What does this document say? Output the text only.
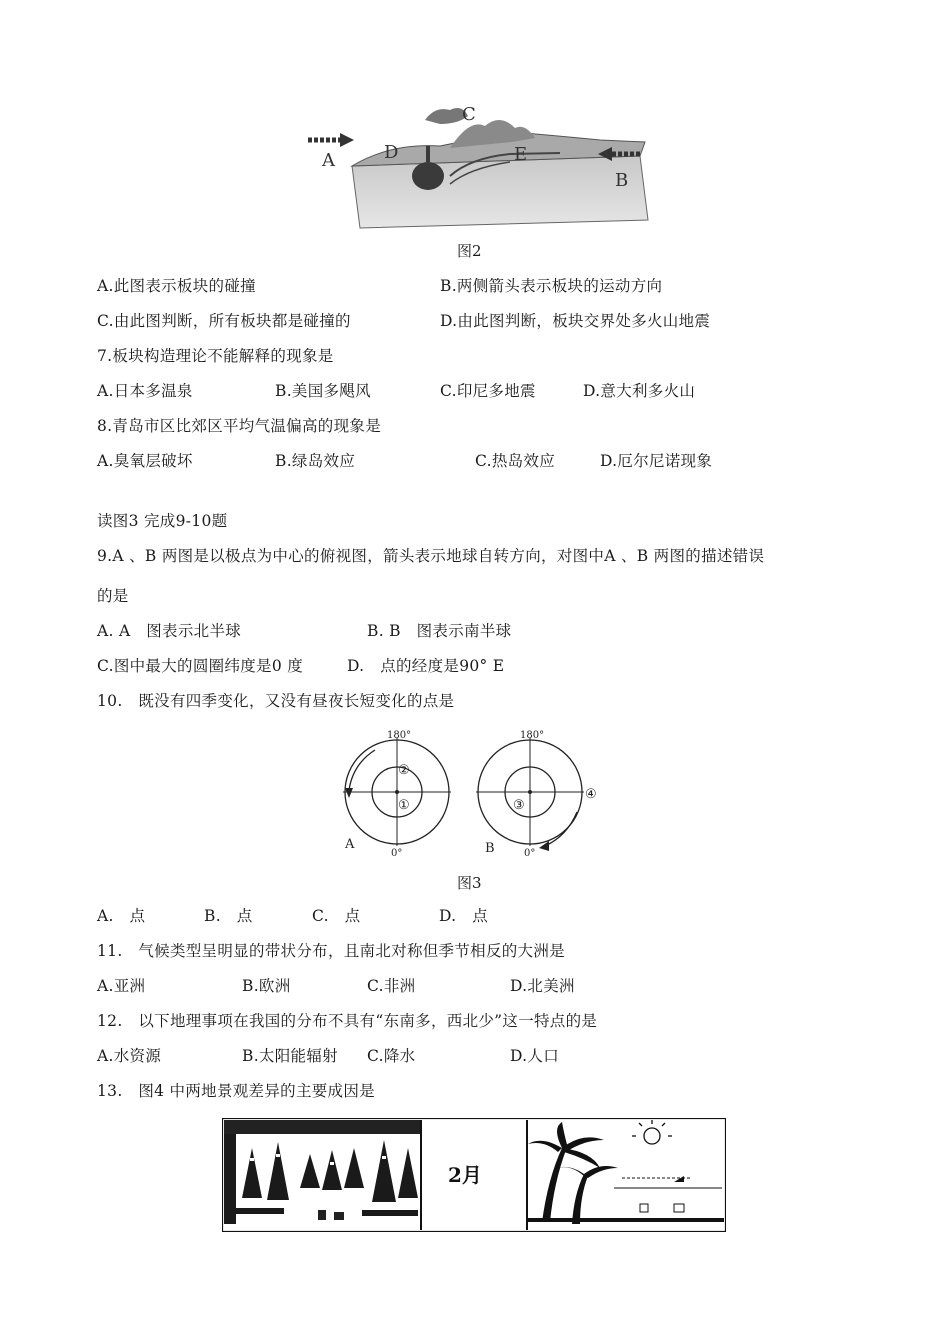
A
B
C
D	E
图2
A.此图表示板块的碰撞	B.两侧箭头表示板块的运动方向
C.由此图判断，所有板块都是碰撞的	D.由此图判断，板块交界处多火山地震
7.板块构造理论不能解释的现象是
A.日本多温泉	B.美国多飓风	C.印尼多地震	D.意大利多火山
8.青岛市区比郊区平均气温偏高的现象是
A.臭氧层破坏	B.绿岛效应	C.热岛效应	D.厄尔尼诺现象
读图3 完成9-10题
9.A 、B 两图是以极点为中心的俯视图，箭头表示地球自转方向，对图中A 、B 两图的描述错误
的是
A. A　图表示北半球	B. B　图表示南半球
C.图中最大的圆圈纬度是0 度	D.　点的经度是90° E
10.　既没有四季变化，又没有昼夜长短变化的点是
180°
0°
A
②
①
180°
0°
B
③
④
图3
A.　点	B.　点	C.　点	D.　点
11.　气候类型呈明显的带状分布，且南北对称但季节相反的大洲是
A.亚洲	B.欧洲	C.非洲	D.北美洲
12.　以下地理事项在我国的分布不具有“东南多，西北少”这一特点的是
A.水资源	B.太阳能辐射 C.降水	D.人口
13.　图4 中两地景观差异的主要成因是
2月
